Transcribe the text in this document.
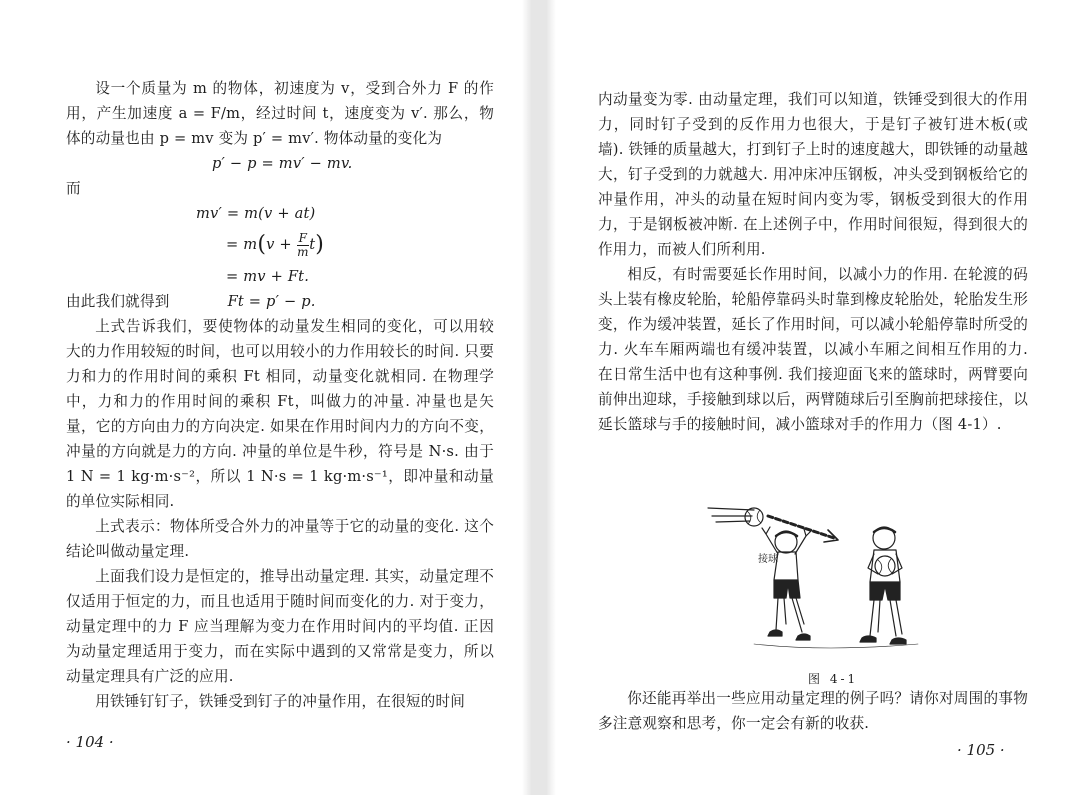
设一个质量为 m 的物体，初速度为 v，受到合外力 F 的作用，产生加速度 a = F/m，经过时间 t，速度变为 v′. 那么，物体的动量也由 p = mv 变为 p′ = mv′. 物体动量的变化为

p′ − p = mv′ − mv.

而

mv′ = m(v + at)

= $m(v + \frac{F}{m} t)$

= mv + Ft.

由此我们就得到	Ft = p′ − p.

上式告诉我们，要使物体的动量发生相同的变化，可以用较大的力作用较短的时间，也可以用较小的力作用较长的时间. 只要力和力的作用时间的乘积 Ft 相同，动量变化就相同. 在物理学中，力和力的作用时间的乘积 Ft，叫做力的冲量. 冲量也是矢量，它的方向由力的方向决定. 如果在作用时间内力的方向不变，冲量的方向就是力的方向. 冲量的单位是牛秒，符号是 N·s. 由于 1 N = 1 kg·m·s⁻²，所以 1 N·s = 1 kg·m·s⁻¹，即冲量和动量的单位实际相同.

上式表示：物体所受合外力的冲量等于它的动量的变化. 这个结论叫做动量定理.

上面我们设力是恒定的，推导出动量定理. 其实，动量定理不仅适用于恒定的力，而且也适用于随时间而变化的力. 对于变力，动量定理中的力 F 应当理解为变力在作用时间内的平均值. 正因为动量定理适用于变力，而在实际中遇到的又常常是变力，所以动量定理具有广泛的应用.

用铁锤钉钉子，铁锤受到钉子的冲量作用，在很短的时间

· 104 ·

内动量变为零. 由动量定理，我们可以知道，铁锤受到很大的作用力，同时钉子受到的反作用力也很大，于是钉子被钉进木板(或墙). 铁锤的质量越大，打到钉子上时的速度越大，即铁锤的动量越大，钉子受到的力就越大. 用冲床冲压钢板，冲头受到钢板给它的冲量作用，冲头的动量在短时间内变为零，钢板受到很大的作用力，于是钢板被冲断. 在上述例子中，作用时间很短，得到很大的作用力，而被人们所利用.

相反，有时需要延长作用时间，以减小力的作用. 在轮渡的码头上装有橡皮轮胎，轮船停靠码头时靠到橡皮轮胎处，轮胎发生形变，作为缓冲装置，延长了作用时间，可以减小轮船停靠时所受的力. 火车车厢两端也有缓冲装置，以减小车厢之间相互作用的力. 在日常生活中也有这种事例. 我们接迎面飞来的篮球时，两臂要向前伸出迎球，手接触到球以后，两臂随球后引至胸前把球接住，以延长篮球与手的接触时间，减小篮球对手的作用力（图 4-1）.

接球
图 4-1

你还能再举出一些应用动量定理的例子吗？请你对周围的事物多注意观察和思考，你一定会有新的收获.

· 105 ·
